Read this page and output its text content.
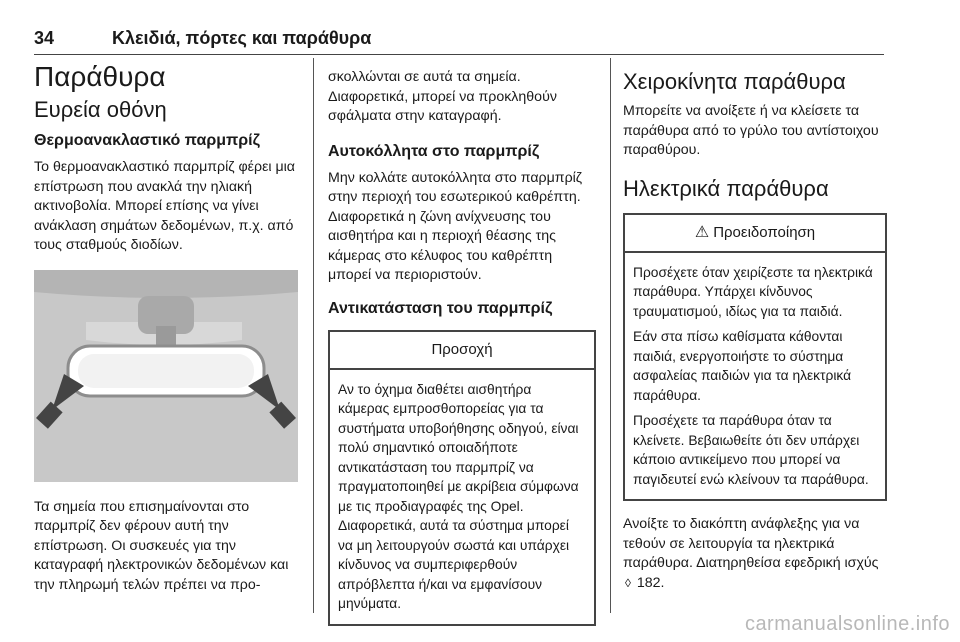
34	Κλειδιά, πόρτες και παράθυρα
Παράθυρα
Ευρεία οθόνη
Θερμοανακλαστικό παρμπρίζ

Το θερμοανακλαστικό παρμπρίζ φέρει μια επίστρωση που ανακλά την ηλιακή ακτινοβολία. Μπορεί επίσης να γίνει ανάκλαση σημάτων δεδομένων, π.χ. από τους σταθμούς διοδίων.

Τα σημεία που επισημαίνονται στο παρμπρίζ δεν φέρουν αυτή την επίστρωση. Οι συσκευές για την καταγραφή ηλεκτρονικών δεδομένων και την πληρωμή τελών πρέπει να προ-

σκολλώνται σε αυτά τα σημεία. Διαφορετικά, μπορεί να προκληθούν σφάλματα στην καταγραφή.

Αυτοκόλλητα στο παρμπρίζ

Μην κολλάτε αυτοκόλλητα στο παρμπρίζ στην περιοχή του εσωτερικού καθρέπτη. Διαφορετικά η ζώνη ανίχνευσης του αισθητήρα και η περιοχή θέασης της κάμερας στο κέλυφος του καθρέπτη μπορεί να περιοριστούν.

Αντικατάσταση του παρμπρίζ
Προσοχή

Αν το όχημα διαθέτει αισθητήρα κάμερας εμπροσθοπορείας για τα συστήματα υποβοήθησης οδηγού, είναι πολύ σημαντικό οποιαδήποτε αντικατάσταση του παρμπρίζ να πραγματοποιηθεί με ακρίβεια σύμφωνα με τις προδιαγραφές της Opel. Διαφορετικά, αυτά τα σύστημα μπορεί να μη λειτουργούν σωστά και υπάρχει κίνδυνος να συμπεριφερθούν απρόβλεπτα ή/και να εμφανίσουν μηνύματα.

Χειροκίνητα παράθυρα

Μπορείτε να ανοίξετε ή να κλείσετε τα παράθυρα από το γρύλο του αντίστοιχου παραθύρου.

Ηλεκτρικά παράθυρα
⚠ Προειδοποίηση

Προσέχετε όταν χειρίζεστε τα ηλεκτρικά παράθυρα. Υπάρχει κίνδυνος τραυματισμού, ιδίως για τα παιδιά.

Εάν στα πίσω καθίσματα κάθονται παιδιά, ενεργοποιήστε το σύστημα ασφαλείας παιδιών για τα ηλεκτρικά παράθυρα.

Προσέχετε τα παράθυρα όταν τα κλείνετε. Βεβαιωθείτε ότι δεν υπάρχει κάποιο αντικείμενο που μπορεί να παγιδευτεί ενώ κλείνουν τα παράθυρα.

Ανοίξτε το διακόπτη ανάφλεξης για να τεθούν σε λειτουργία τα ηλεκτρικά παράθυρα. Διατηρηθείσα εφεδρική ισχύς ◊ 182.

carmanualsonline.info
